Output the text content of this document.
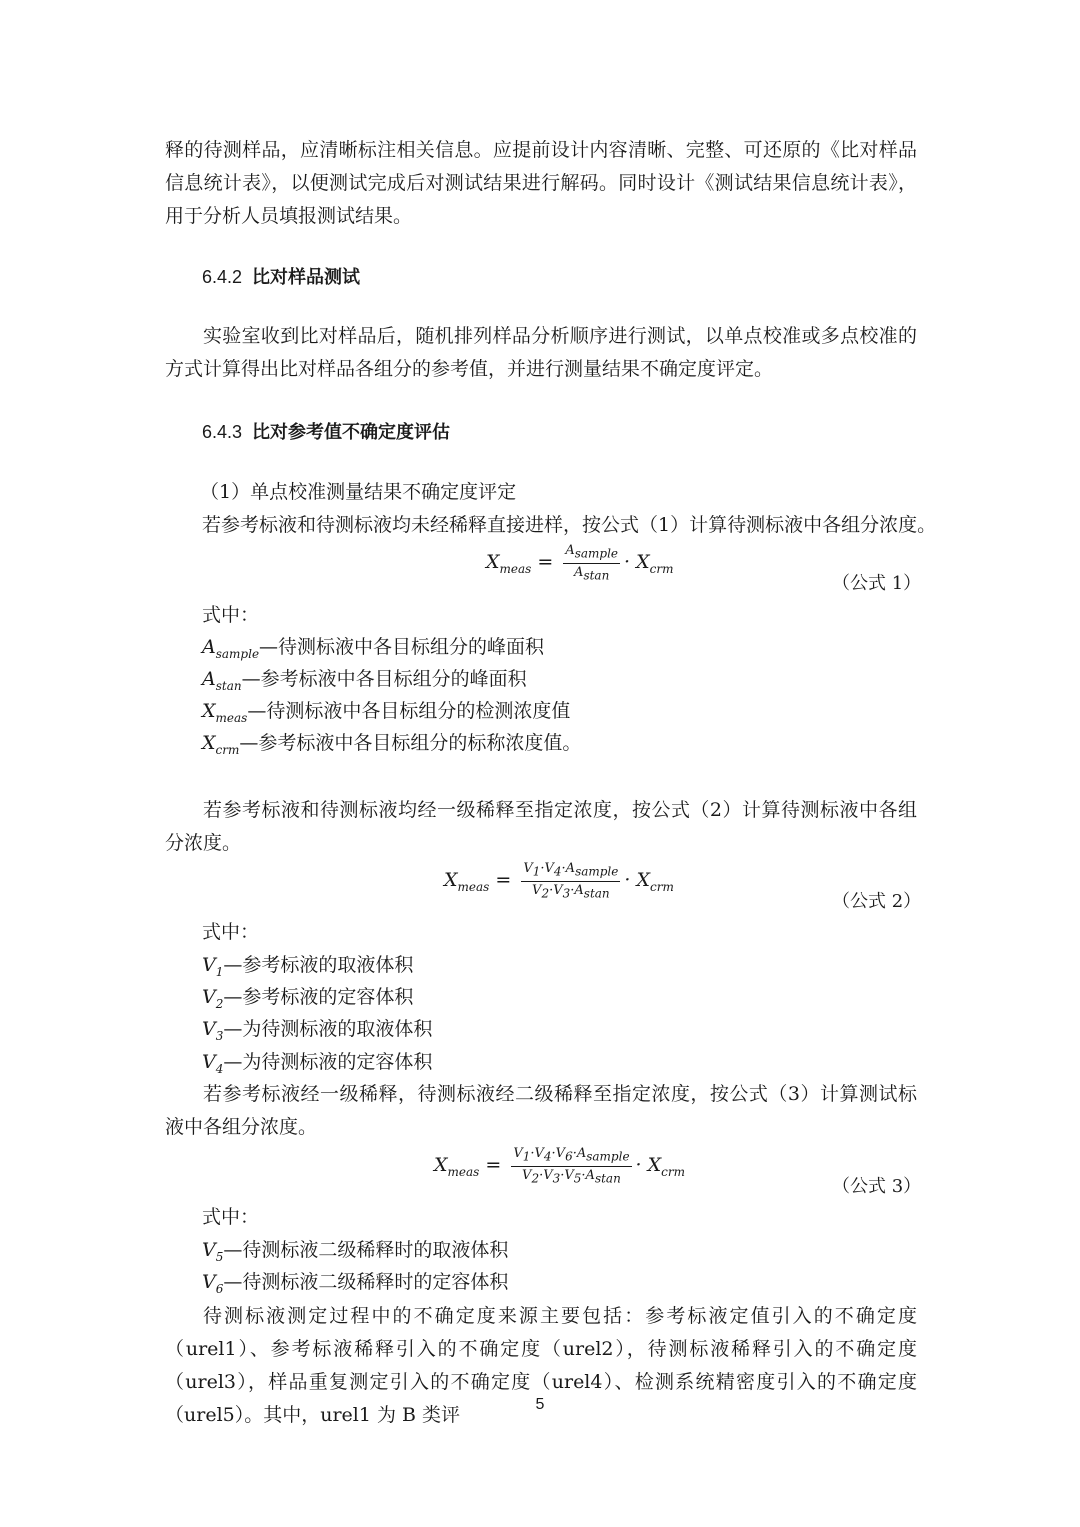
释的待测样品，应清晰标注相关信息。应提前设计内容清晰、完整、可还原的《比对样品信息统计表》，以便测试完成后对测试结果进行解码。同时设计《测试结果信息统计表》，用于分析人员填报测试结果。

6.4.2 比对样品测试

实验室收到比对样品后，随机排列样品分析顺序进行测试，以单点校准或多点校准的方式计算得出比对样品各组分的参考值，并进行测量结果不确定度评定。

6.4.3 比对参考值不确定度评估

（1）单点校准测量结果不确定度评定

若参考标液和待测标液均未经稀释直接进样，按公式（1）计算待测标液中各组分浓度。

$X_{meas} = \frac{A_{sample}}{A_{stan}} \cdot X_{crm}$

（公式 1）

式中：

$A_{sample}—$待测标液中各目标组分的峰面积

$A_{stan}—$参考标液中各目标组分的峰面积

$X_{meas}—$待测标液中各目标组分的检测浓度值

$X_{crm}—$参考标液中各目标组分的标称浓度值。

若参考标液和待测标液均经一级稀释至指定浓度，按公式（2）计算待测标液中各组分浓度。

$X_{meas} = \frac{V_1\cdot V_4\cdot A_{sample}}{V_2\cdot V_3\cdot A_{stan}} \cdot X_{crm}$

（公式 2）

式中：

$V_1—$参考标液的取液体积

$V_2—$参考标液的定容体积

$V_3—$为待测标液的取液体积

$V_4—$为待测标液的定容体积

若参考标液经一级稀释，待测标液经二级稀释至指定浓度，按公式（3）计算测试标液中各组分浓度。

$X_{meas} = \frac{V_1\cdot V_4\cdot V_6\cdot A_{sample}}{V_2\cdot V_3\cdot V_5\cdot A_{stan}} \cdot X_{crm}$

（公式 3）

式中：

$V_5—$待测标液二级稀释时的取液体积

$V_6—$待测标液二级稀释时的定容体积

待测标液测定过程中的不确定度来源主要包括：参考标液定值引入的不确定度（urel1）、参考标液稀释引入的不确定度（urel2），待测标液稀释引入的不确定度（urel3），样品重复测定引入的不确定度（urel4）、检测系统精密度引入的不确定度（urel5）。其中，urel1 为 B 类评	5
